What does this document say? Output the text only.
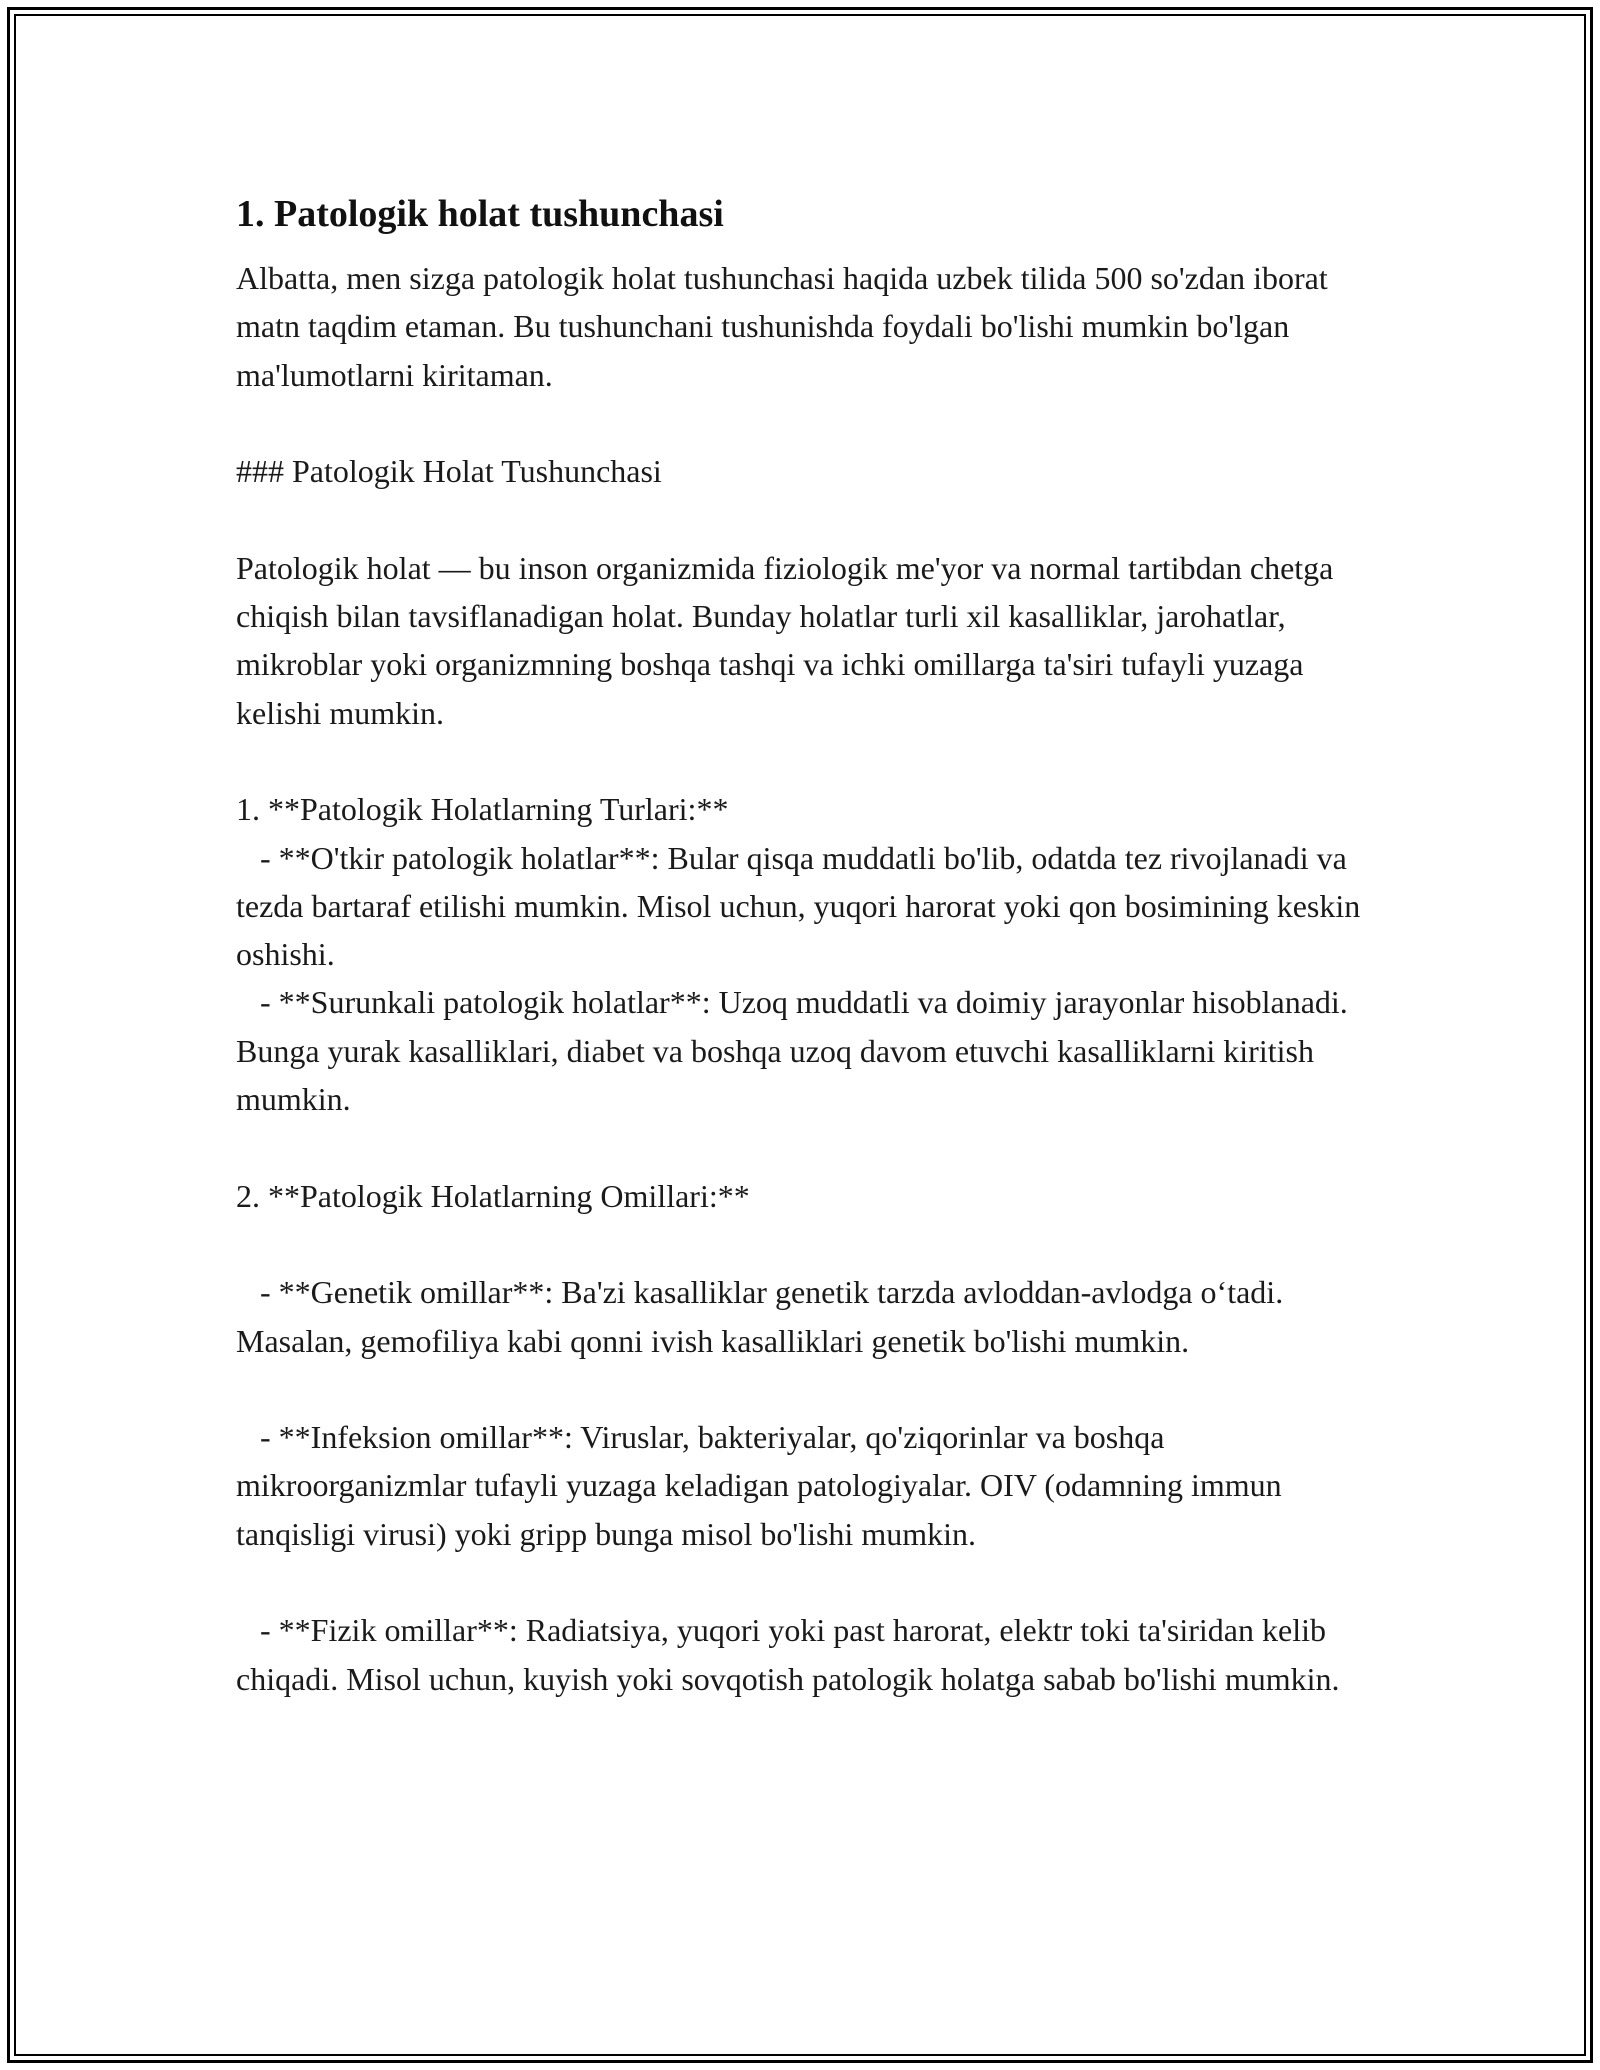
1. Patologik holat tushunchasi

Albatta, men sizga patologik holat tushunchasi haqida uzbek tilida 500 so'zdan iborat matn taqdim etaman. Bu tushunchani tushunishda foydali bo'lishi mumkin bo'lgan ma'lumotlarni kiritaman.

### Patologik Holat Tushunchasi

Patologik holat — bu inson organizmida fiziologik me'yor va normal tartibdan chetga chiqish bilan tavsiflanadigan holat. Bunday holatlar turli xil kasalliklar, jarohatlar, mikroblar yoki organizmning boshqa tashqi va ichki omillarga ta'siri tufayli yuzaga kelishi mumkin.

1. **Patologik Holatlarning Turlari:**

- **O'tkir patologik holatlar**: Bular qisqa muddatli bo'lib, odatda tez rivojlanadi va tezda bartaraf etilishi mumkin. Misol uchun, yuqori harorat yoki qon bosimining keskin oshishi.

- **Surunkali patologik holatlar**: Uzoq muddatli va doimiy jarayonlar hisoblanadi. Bunga yurak kasalliklari, diabet va boshqa uzoq davom etuvchi kasalliklarni kiritish mumkin.

2. **Patologik Holatlarning Omillari:**

- **Genetik omillar**: Ba'zi kasalliklar genetik tarzda avloddan-avlodga o‘tadi. Masalan, gemofiliya kabi qonni ivish kasalliklari genetik bo'lishi mumkin.

- **Infeksion omillar**: Viruslar, bakteriyalar, qo'ziqorinlar va boshqa mikroorganizmlar tufayli yuzaga keladigan patologiyalar. OIV (odamning immun tanqisligi virusi) yoki gripp bunga misol bo'lishi mumkin.

- **Fizik omillar**: Radiatsiya, yuqori yoki past harorat, elektr toki ta'siridan kelib chiqadi. Misol uchun, kuyish yoki sovqotish patologik holatga sabab bo'lishi mumkin.
